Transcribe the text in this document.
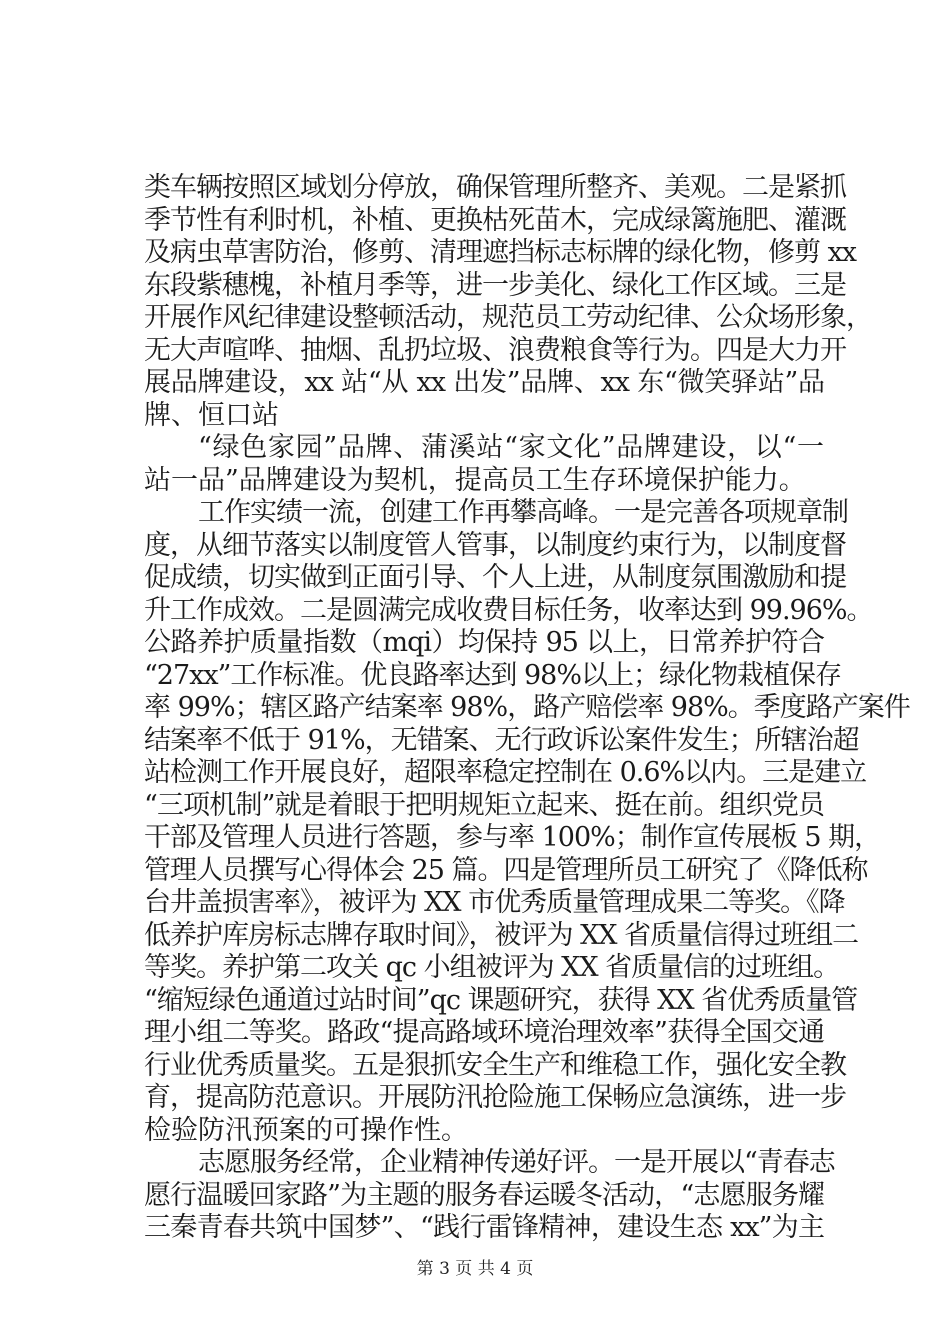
类车辆按照区域划分停放，确保管理所整齐、美观。二是紧抓
季节性有利时机，补植、更换枯死苗木，完成绿篱施肥、灌溉
及病虫草害防治，修剪、清理遮挡标志标牌的绿化物，修剪 xx
东段紫穗槐，补植月季等，进一步美化、绿化工作区域。三是
开展作风纪律建设整顿活动，规范员工劳动纪律、公众场形象，
无大声喧哗、抽烟、乱扔垃圾、浪费粮食等行为。四是大力开
展品牌建设，xx 站“从 xx 出发”品牌、xx 东“微笑驿站”品
牌、恒口站
“绿色家园”品牌、蒲溪站“家文化”品牌建设，以“一
站一品”品牌建设为契机，提高员工生存环境保护能力。
工作实绩一流，创建工作再攀高峰。一是完善各项规章制
度，从细节落实以制度管人管事，以制度约束行为，以制度督
促成绩，切实做到正面引导、个人上进，从制度氛围激励和提
升工作成效。二是圆满完成收费目标任务，收率达到 99.96%。
公路养护质量指数（mqi）均保持 95 以上，日常养护符合
“27xx”工作标准。优良路率达到 98%以上；绿化物栽植保存
率 99%；辖区路产结案率 98%，路产赔偿率 98%。季度路产案件
结案率不低于 91%，无错案、无行政诉讼案件发生；所辖治超
站检测工作开展良好，超限率稳定控制在 0.6%以内。三是建立
“三项机制”就是着眼于把明规矩立起来、挺在前。组织党员
干部及管理人员进行答题，参与率 100%；制作宣传展板 5 期，
管理人员撰写心得体会 25 篇。四是管理所员工研究了《降低称
台井盖损害率》，被评为 XX 市优秀质量管理成果二等奖。《降
低养护库房标志牌存取时间》，被评为 XX 省质量信得过班组二
等奖。养护第二攻关 qc 小组被评为 XX 省质量信的过班组。
“缩短绿色通道过站时间”qc 课题研究，获得 XX 省优秀质量管
理小组二等奖。路政“提高路域环境治理效率”获得全国交通
行业优秀质量奖。五是狠抓安全生产和维稳工作，强化安全教
育，提高防范意识。开展防汛抢险施工保畅应急演练，进一步
检验防汛预案的可操作性。
志愿服务经常，企业精神传递好评。一是开展以“青春志
愿行温暖回家路”为主题的服务春运暖冬活动，“志愿服务耀
三秦青春共筑中国梦”、“践行雷锋精神，建设生态 xx”为主
第 3 页 共 4 页
